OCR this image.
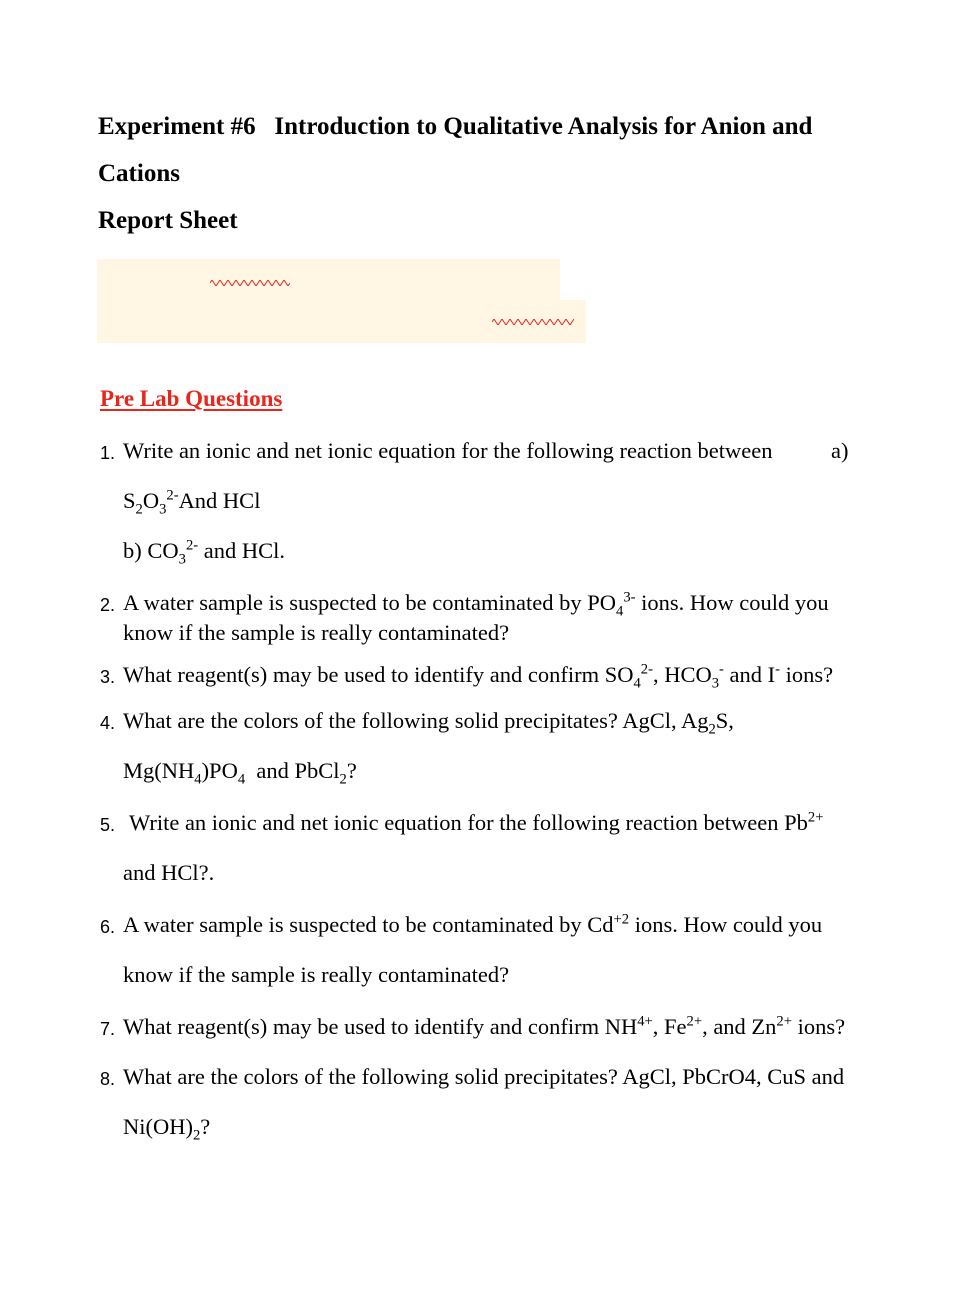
Experiment #6   Introduction to Qualitative Analysis for Anion and
Cations
Report Sheet
Pre Lab Questions
1. Write an ionic and net ionic equation for the following reaction between	a)
$S_2O_3^{2-}And$ HCl
b) $CO_3^{2-}$ and HCl.
2. A water sample is suspected to be contaminated by $PO_4^{3-}$ ions. How could you
know if the sample is really contaminated?
3. What reagent(s) may be used to identify and confirm $SO_4^{2-}$, $HCO_3^-$ and I- ions?
4. What are the colors of the following solid precipitates? AgCl, $Ag_2S$,
$Mg(NH_4)PO_4$  and PbCl$_2$?
5. Write an ionic and net ionic equation for the following reaction between $Pb^{2+}$
and HCl?.
6. A water sample is suspected to be contaminated by $Cd^{+2}$ ions. How could you
know if the sample is really contaminated?
7. What reagent(s) may be used to identify and confirm $NH^{4+}$, $Fe^{2+}$, and $Zn^{2+}$ ions?
8. What are the colors of the following solid precipitates? AgCl, PbCrO4, CuS and
$Ni(OH)_2$?
